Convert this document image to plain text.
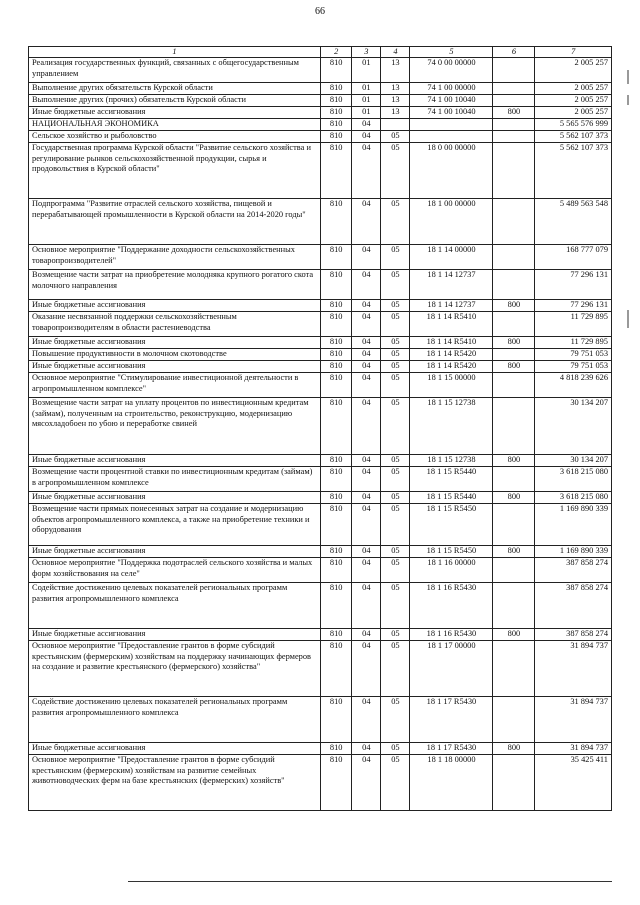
66
1	2	3	4	5	6	7
Реализация государственных функций, связанных с общегосударственным управлением	810	01	13	74 0 00 00000		2 005 257
Выполнение других обязательств Курской области	810	01	13	74 1 00 00000		2 005 257
Выполнение других (прочих) обязательств Курской области	810	01	13	74 1 00 10040		2 005 257
Иные бюджетные ассигнования	810	01	13	74 1 00 10040	800	2 005 257
НАЦИОНАЛЬНАЯ ЭКОНОМИКА	810	04				5 565 576 999
Сельское хозяйство и рыболовство	810	04	05			5 562 107 373
Государственная программа Курской области "Развитие сельского хозяйства и регулирование рынков сельскохозяйственной продукции, сырья и продовольствия в Курской области"	810	04	05	18 0 00 00000		5 562 107 373
Подпрограмма "Развитие отраслей сельского хозяйства, пищевой и перерабатывающей промышленности в Курской области на 2014-2020 годы"	810	04	05	18 1 00 00000		5 489 563 548
Основное мероприятие "Поддержание доходности сельскохозяйственных товаропроизводителей"	810	04	05	18 1 14 00000		168 777 079
Возмещение части затрат на приобретение молодняка крупного рогатого скота молочного направления	810	04	05	18 1 14 12737		77 296 131
Иные бюджетные ассигнования	810	04	05	18 1 14 12737	800	77 296 131
Оказание несвязанной поддержки сельскохозяйственным товаропроизводителям в области растениеводства	810	04	05	18 1 14 R5410		11 729 895
Иные бюджетные ассигнования	810	04	05	18 1 14 R5410	800	11 729 895
Повышение продуктивности в молочном скотоводстве	810	04	05	18 1 14 R5420		79 751 053
Иные бюджетные ассигнования	810	04	05	18 1 14 R5420	800	79 751 053
Основное мероприятие "Стимулирование инвестиционной деятельности в агропромышленном комплексе"	810	04	05	18 1 15 00000		4 818 239 626
Возмещение части затрат на уплату процентов по инвестиционным кредитам (займам), полученным на строительство, реконструкцию, модернизацию мясохладобоен по убою и переработке свиней	810	04	05	18 1 15 12738		30 134 207
Иные бюджетные ассигнования	810	04	05	18 1 15 12738	800	30 134 207
Возмещение части процентной ставки по инвестиционным кредитам (займам) в агропромышленном комплексе	810	04	05	18 1 15 R5440		3 618 215 080
Иные бюджетные ассигнования	810	04	05	18 1 15 R5440	800	3 618 215 080
Возмещение части прямых понесенных затрат на создание и модернизацию объектов агропромышленного комплекса, а также на приобретение техники и оборудования	810	04	05	18 1 15 R5450		1 169 890 339
Иные бюджетные ассигнования	810	04	05	18 1 15 R5450	800	1 169 890 339
Основное мероприятие "Поддержка подотраслей сельского хозяйства и малых форм хозяйствования на селе"	810	04	05	18 1 16 00000		387 858 274
Содействие достижению целевых показателей региональных программ развития агропромышленного комплекса	810	04	05	18 1 16 R5430		387 858 274
Иные бюджетные ассигнования	810	04	05	18 1 16 R5430	800	387 858 274
Основное мероприятие "Предоставление грантов в форме субсидий крестьянским (фермерским) хозяйствам на поддержку начинающих фермеров на создание и развитие крестьянского (фермерского) хозяйства"	810	04	05	18 1 17 00000		31 894 737
Содействие достижению целевых показателей региональных программ развития агропромышленного комплекса	810	04	05	18 1 17 R5430		31 894 737
Иные бюджетные ассигнования	810	04	05	18 1 17 R5430	800	31 894 737
Основное мероприятие "Предоставление грантов в форме субсидий крестьянским (фермерским) хозяйствам на развитие семейных животноводческих ферм на базе крестьянских (фермерских) хозяйств"	810	04	05	18 1 18 00000		35 425 411
